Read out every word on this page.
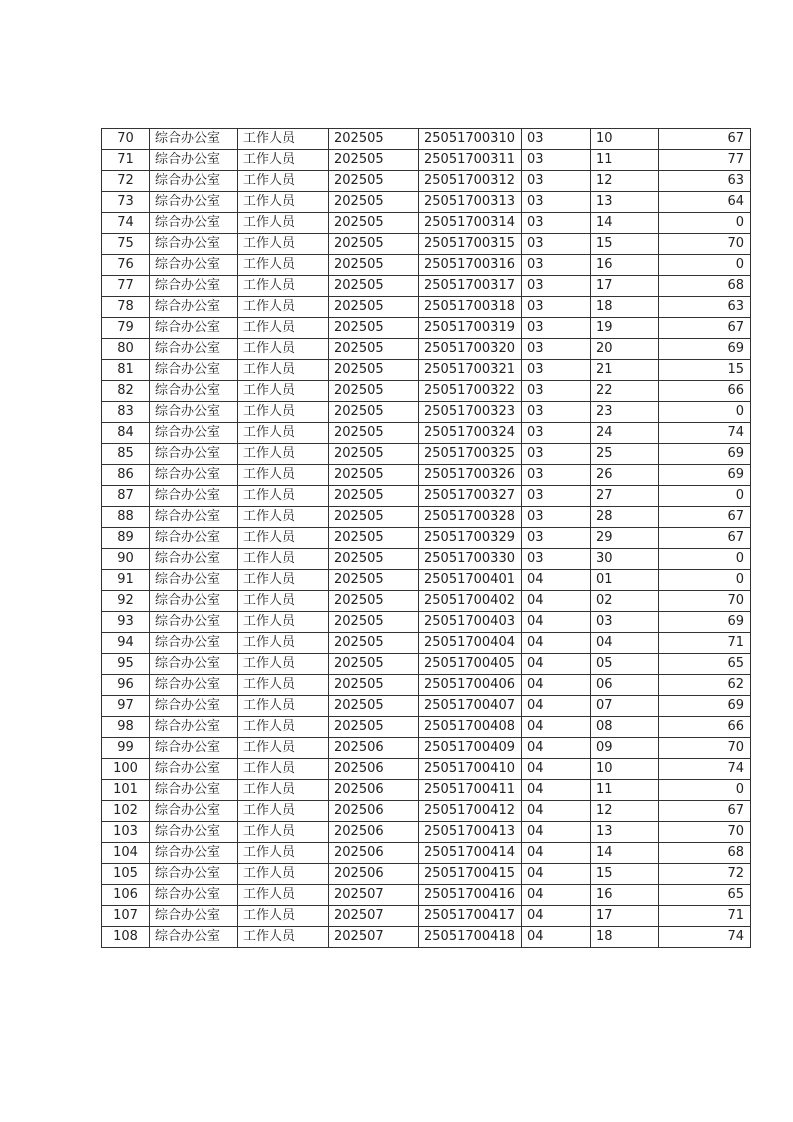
70	综合办公室	工作人员	202505	25051700310	03	10	67
71	综合办公室	工作人员	202505	25051700311	03	11	77
72	综合办公室	工作人员	202505	25051700312	03	12	63
73	综合办公室	工作人员	202505	25051700313	03	13	64
74	综合办公室	工作人员	202505	25051700314	03	14	0
75	综合办公室	工作人员	202505	25051700315	03	15	70
76	综合办公室	工作人员	202505	25051700316	03	16	0
77	综合办公室	工作人员	202505	25051700317	03	17	68
78	综合办公室	工作人员	202505	25051700318	03	18	63
79	综合办公室	工作人员	202505	25051700319	03	19	67
80	综合办公室	工作人员	202505	25051700320	03	20	69
81	综合办公室	工作人员	202505	25051700321	03	21	15
82	综合办公室	工作人员	202505	25051700322	03	22	66
83	综合办公室	工作人员	202505	25051700323	03	23	0
84	综合办公室	工作人员	202505	25051700324	03	24	74
85	综合办公室	工作人员	202505	25051700325	03	25	69
86	综合办公室	工作人员	202505	25051700326	03	26	69
87	综合办公室	工作人员	202505	25051700327	03	27	0
88	综合办公室	工作人员	202505	25051700328	03	28	67
89	综合办公室	工作人员	202505	25051700329	03	29	67
90	综合办公室	工作人员	202505	25051700330	03	30	0
91	综合办公室	工作人员	202505	25051700401	04	01	0
92	综合办公室	工作人员	202505	25051700402	04	02	70
93	综合办公室	工作人员	202505	25051700403	04	03	69
94	综合办公室	工作人员	202505	25051700404	04	04	71
95	综合办公室	工作人员	202505	25051700405	04	05	65
96	综合办公室	工作人员	202505	25051700406	04	06	62
97	综合办公室	工作人员	202505	25051700407	04	07	69
98	综合办公室	工作人员	202505	25051700408	04	08	66
99	综合办公室	工作人员	202506	25051700409	04	09	70
100	综合办公室	工作人员	202506	25051700410	04	10	74
101	综合办公室	工作人员	202506	25051700411	04	11	0
102	综合办公室	工作人员	202506	25051700412	04	12	67
103	综合办公室	工作人员	202506	25051700413	04	13	70
104	综合办公室	工作人员	202506	25051700414	04	14	68
105	综合办公室	工作人员	202506	25051700415	04	15	72
106	综合办公室	工作人员	202507	25051700416	04	16	65
107	综合办公室	工作人员	202507	25051700417	04	17	71
108	综合办公室	工作人员	202507	25051700418	04	18	74
